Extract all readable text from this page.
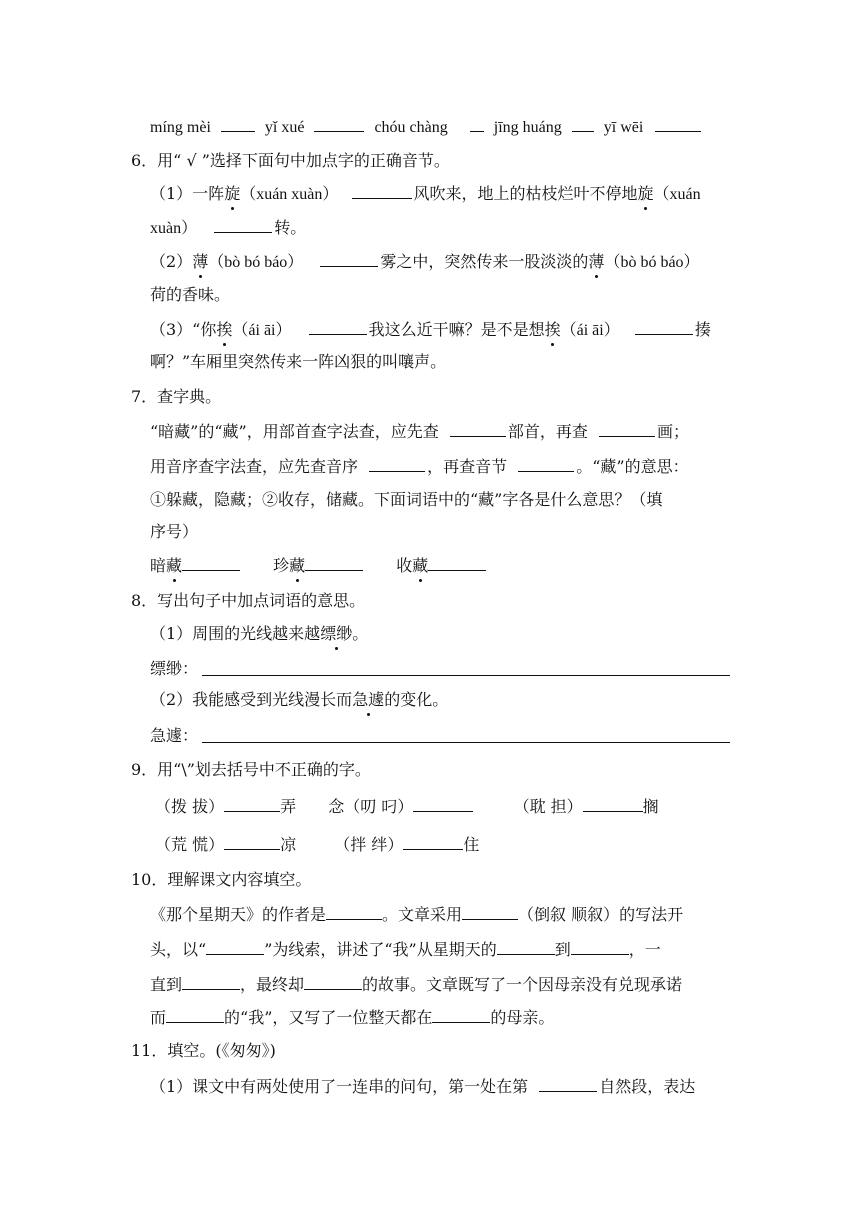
míng mèi	yǐ xué	chóu chàng	jīng huáng	yī wēi
6．用“ √ ”选择下面句中加点字的正确音节。
（1）一阵旋（xuán xuàn）	风吹来，地上的枯枝烂叶不停地旋（xuán
xuàn）	转。
（2）薄（bò bó báo）	雾之中，突然传来一股淡淡的薄（bò bó báo）
荷的香味。
（3）“你挨（ái āi）	我这么近干嘛？是不是想挨（ái āi）	揍
啊？”车厢里突然传来一阵凶狠的叫嚷声。
7．查字典。
“暗藏”的“藏”，用部首查字法查，应先查	部首，再查	画；
用音序查字法查，应先查音序	，再查音节	。“藏”的意思：
①躲藏，隐藏；②收存，储藏。下面词语中的“藏”字各是什么意思？（填
序号）
暗藏	珍藏	收藏
8．写出句子中加点词语的意思。
（1）周围的光线越来越缥缈。
缥缈：
（2）我能感受到光线漫长而急遽的变化。
急遽：
9．用“\”划去括号中不正确的字。
（拨 拔）	弄 念（叨 叼）	（耽 担）	搁
（荒 慌）	凉 （拌 绊）	住
10．理解课文内容填空。
《那个星期天》的作者是	。文章采用	（倒叙 顺叙）的写法开
头，以“	”为线索，讲述了“我”从星期天的	到	，一
直到	，最终却	的故事。文章既写了一个因母亲没有兑现承诺
而	的“我”，又写了一位整天都在	的母亲。
11．填空。(《匆匆》)
（1）课文中有两处使用了一连串的问句，第一处在第	自然段，表达
